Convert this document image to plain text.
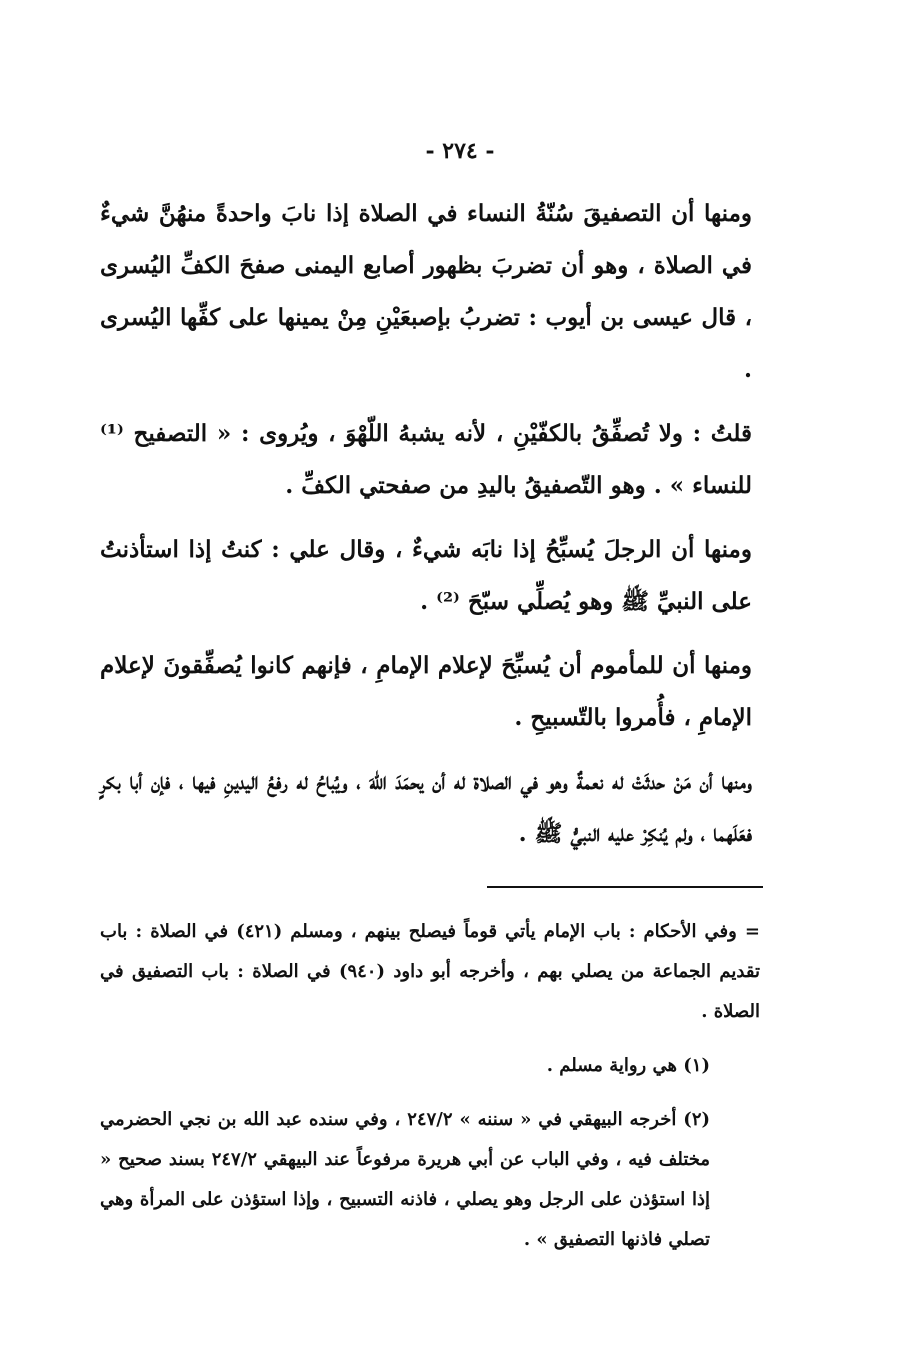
- ٢٧٤ -

ومنها أن التصفيقَ سُنّةُ النساء في الصلاة إذا نابَ واحدةً منهُنَّ شيءٌ في الصلاة ، وهو أن تضربَ بظهور أصابع اليمنى صفحَ الكفِّ اليُسرى ، قال عيسى بن أيوب : تضربُ بإصبعَيْنِ مِنْ يمينها على كفِّها اليُسرى .

قلتُ : ولا تُصفِّقُ بالكفّيْنِ ، لأنه يشبهُ اللّهْوَ ، ويُروى : « التصفيح ⁽¹⁾ للنساء » . وهو التّصفيقُ باليدِ من صفحتي الكفِّ .

ومنها أن الرجلَ يُسبِّحُ إذا نابَه شيءٌ ، وقال علي : كنتُ إذا استأذنتُ على النبيِّ ﷺ وهو يُصلِّي سبّحَ ⁽²⁾ .

ومنها أن للمأموم أن يُسبِّحَ لإعلام الإمامِ ، فإنهم كانوا يُصفِّقونَ لإعلام الإمامِ ، فأُمروا بالتّسبيحِ .

ومنها أن مَنْ حدثَتْ له نعمةٌ وهو في الصلاة له أن يحمَدَ اللهَ ، ويُباحُ له رفعُ اليدينِ فيها ، فإن أبا بكرٍ فعَلَهما ، ولم يُنكِرْ عليه النبيُّ ﷺ .

= وفي الأحكام : باب الإمام يأتي قوماً فيصلح بينهم ، ومسلم (٤٢١) في الصلاة : باب تقديم الجماعة من يصلي بهم ، وأخرجه أبو داود (٩٤٠) في الصلاة : باب التصفيق في الصلاة .

(١) هي رواية مسلم .

(٢) أخرجه البيهقي في « سننه » ٢٤٧/٢ ، وفي سنده عبد الله بن نجي الحضرمي مختلف فيه ، وفي الباب عن أبي هريرة مرفوعاً عند البيهقي ٢٤٧/٢ بسند صحيح « إذا استؤذن على الرجل وهو يصلي ، فاذنه التسبيح ، وإذا استؤذن على المرأة وهي تصلي فاذنها التصفيق » .
